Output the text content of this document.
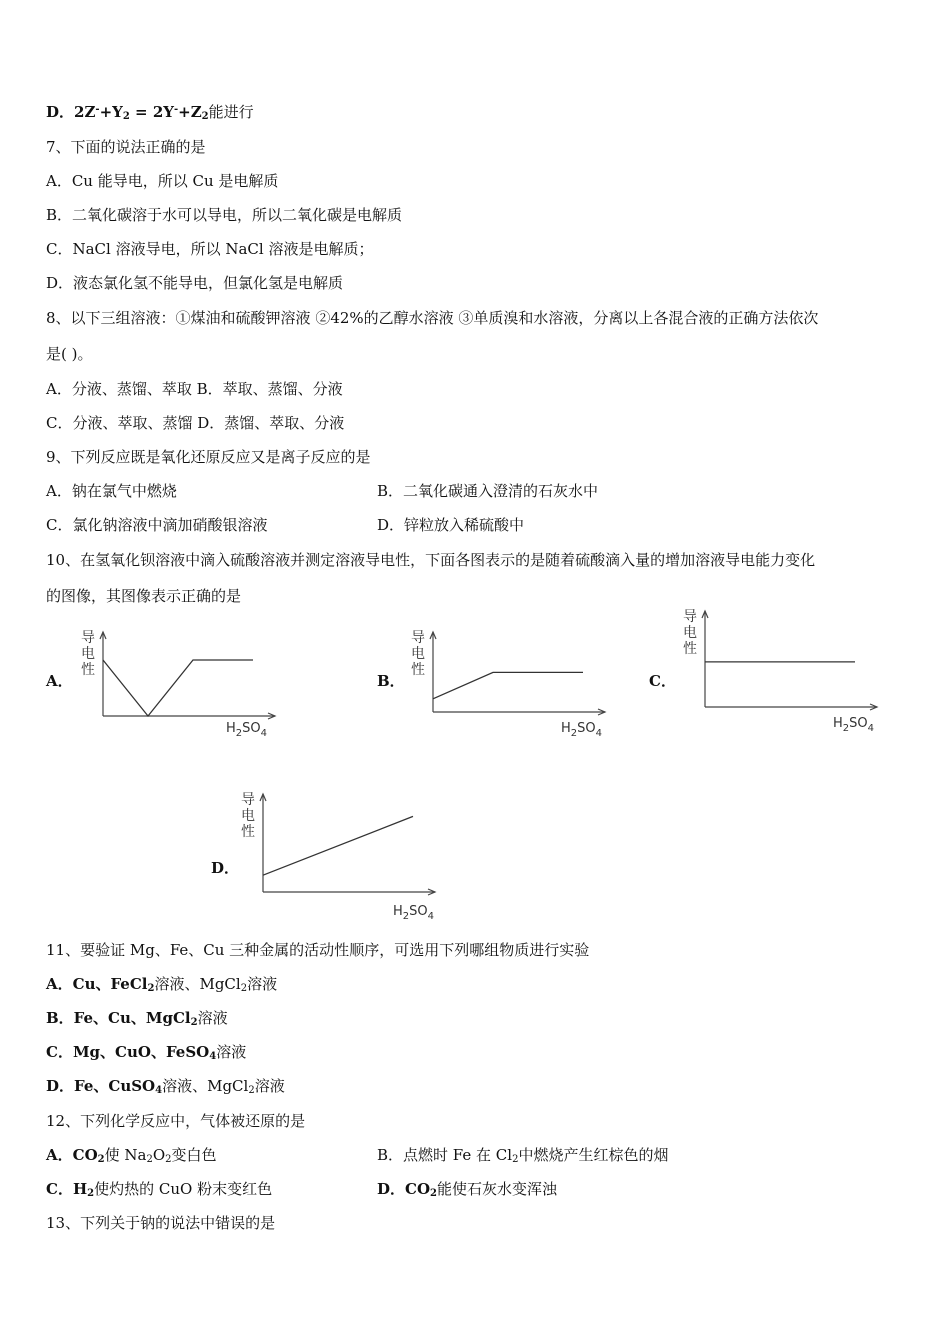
D．$2Z^-+Y_2 = 2Y^-+Z_2$能进行
7、下面的说法正确的是
A．Cu 能导电，所以 Cu 是电解质
B．二氧化碳溶于水可以导电，所以二氧化碳是电解质
C．NaCl 溶液导电，所以 NaCl 溶液是电解质；
D．液态氯化氢不能导电，但氯化氢是电解质
8、以下三组溶液：①煤油和硫酸钾溶液 ②42%的乙醇水溶液 ③单质溴和水溶液，分离以上各混合液的正确方法依次
是( )。
A．分液、蒸馏、萃取 B．萃取、蒸馏、分液
C．分液、萃取、蒸馏 D．蒸馏、萃取、分液
9、下列反应既是氧化还原反应又是离子反应的是
A．钠在氯气中燃烧	B．二氧化碳通入澄清的石灰水中
C．氯化钠溶液中滴加硝酸银溶液	D．锌粒放入稀硫酸中
10、在氢氧化钡溶液中滴入硫酸溶液并测定溶液导电性，下面各图表示的是随着硫酸滴入量的增加溶液导电能力变化
的图像，其图像表示正确的是
A．
导
电
性
$H_2SO_4$
B．
导
电
性
$H_2SO_4$
C．
导
电
性
$H_2SO_4$
D．
导
电
性
$H_2SO_4$
11、要验证 Mg、Fe、Cu 三种金属的活动性顺序，可选用下列哪组物质进行实验
A．Cu、FeCl$_2$溶液、MgCl$_2$溶液
B．Fe、Cu、MgCl$_2$溶液
C．Mg、CuO、FeSO$_4$溶液
D．Fe、CuSO$_4$溶液、MgCl$_2$溶液
12、下列化学反应中，气体被还原的是
A．$CO_2$使 $Na_2O_2$变白色	B．点燃时 Fe 在 $Cl_2$中燃烧产生红棕色的烟
C．$H_2$使灼热的 CuO 粉末变红色	D．$CO_2$能使石灰水变浑浊
13、下列关于钠的说法中错误的是
